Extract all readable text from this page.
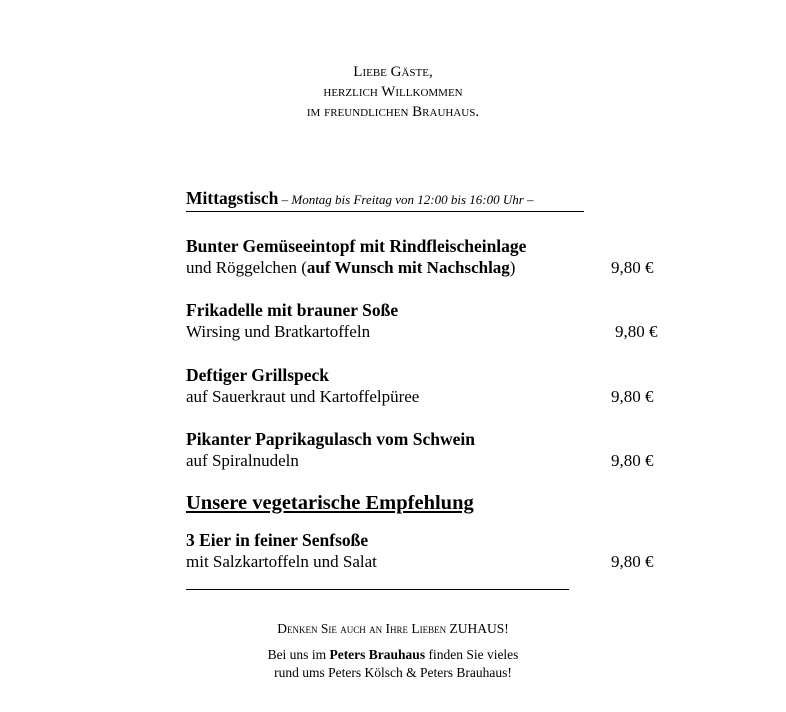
Liebe Gäste,
herzlich Willkommen
im freundlichen Brauhaus.
Mittagstisch – Montag bis Freitag von 12:00 bis 16:00 Uhr –
Bunter Gemüseeintopf mit Rindfleischeinlage
und Röggelchen (auf Wunsch mit Nachschlag)	9,80 €
Frikadelle mit brauner Soße
Wirsing und Bratkartoffeln	9,80 €
Deftiger Grillspeck
auf Sauerkraut und Kartoffelpüree	9,80 €
Pikanter Paprikagulasch vom Schwein
auf Spiralnudeln	9,80 €
Unsere vegetarische Empfehlung
3 Eier in feiner Senfsoße
mit Salzkartoffeln und Salat	9,80 €
Denken Sie auch an Ihre Lieben ZUHAUS!
Bei uns im Peters Brauhaus finden Sie vieles
rund ums Peters Kölsch & Peters Brauhaus!
